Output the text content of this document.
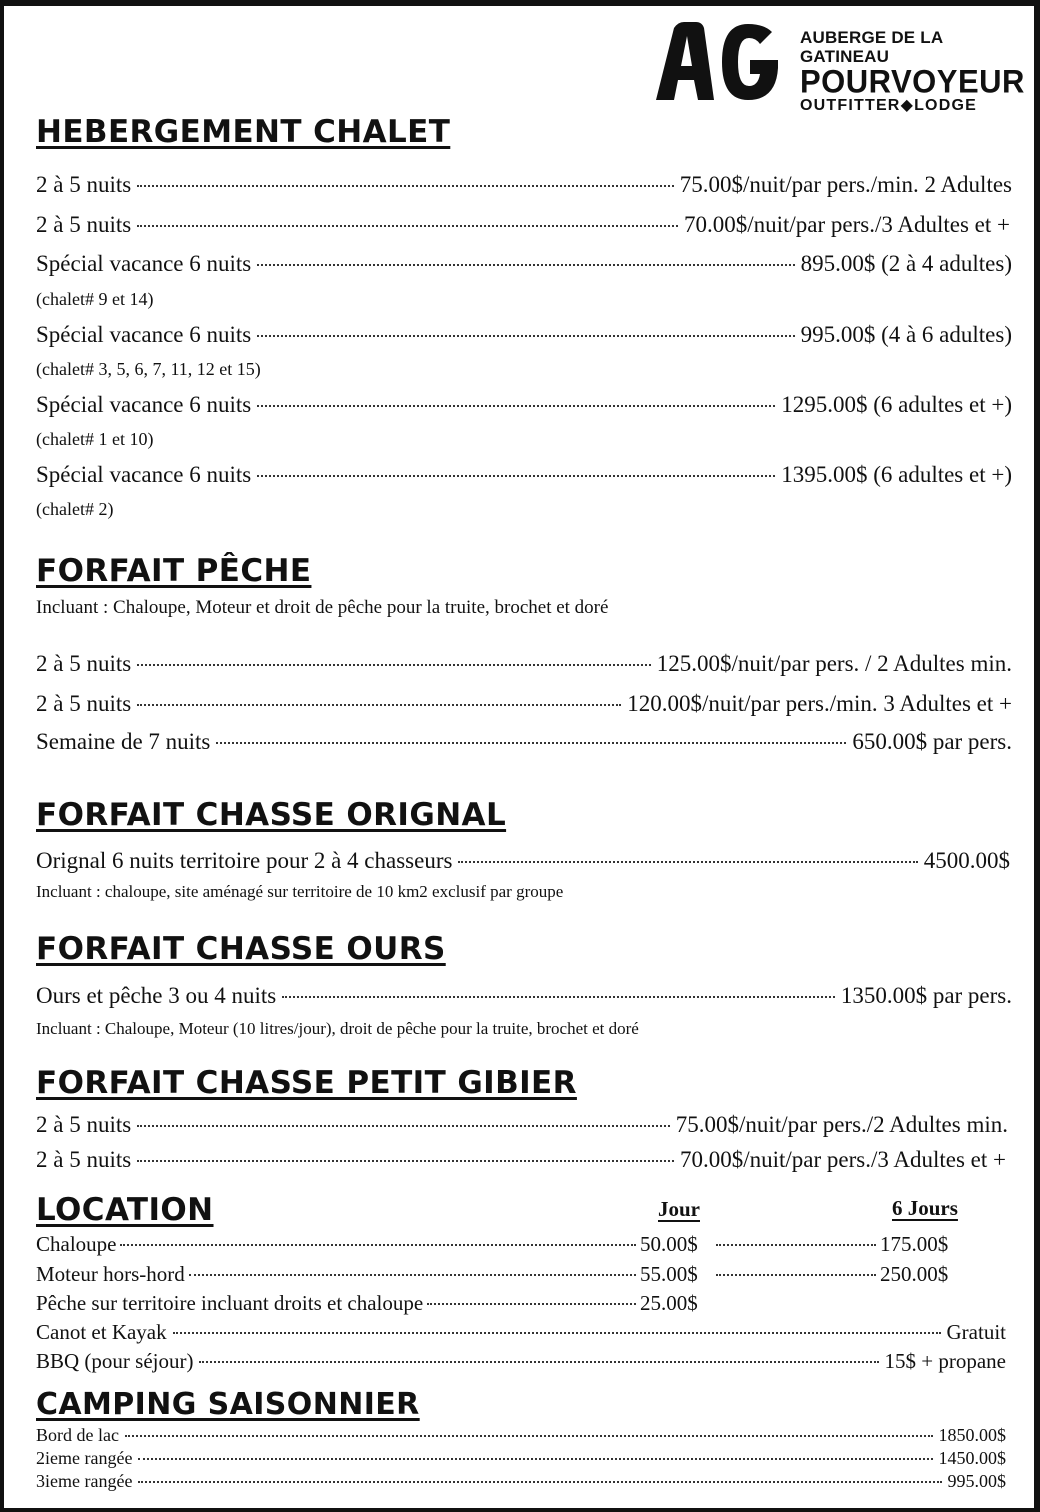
AUBERGE DE LA GATINEAU
POURVOYEUR
OUTFITTER◆LODGE
HEBERGEMENT CHALET
2 à 5 nuits	75.00$/nuit/par pers./min. 2 Adultes
2 à 5 nuits	70.00$/nuit/par pers./3 Adultes et +
Spécial vacance 6 nuits	895.00$ (2 à 4 adultes)
(chalet# 9 et 14)
Spécial vacance 6 nuits	995.00$ (4 à 6 adultes)
(chalet# 3, 5, 6, 7, 11, 12 et 15)
Spécial vacance 6 nuits	1295.00$ (6 adultes et +)
(chalet# 1 et 10)
Spécial vacance 6 nuits	1395.00$ (6 adultes et +)
(chalet# 2)
FORFAIT PÊCHE
Incluant : Chaloupe, Moteur et droit de pêche pour la truite, brochet et doré
2 à 5 nuits	125.00$/nuit/par pers. / 2 Adultes min.
2 à 5 nuits	120.00$/nuit/par pers./min. 3 Adultes et +
Semaine de 7 nuits	650.00$ par pers.
FORFAIT CHASSE ORIGNAL
Orignal 6 nuits territoire pour 2 à 4 chasseurs	4500.00$
Incluant : chaloupe, site aménagé sur territoire de 10 km2 exclusif par groupe
FORFAIT CHASSE OURS
Ours et pêche 3 ou 4 nuits	1350.00$ par pers.
Incluant : Chaloupe, Moteur (10 litres/jour), droit de pêche pour la truite, brochet et doré
FORFAIT CHASSE PETIT GIBIER
2 à 5 nuits	75.00$/nuit/par pers./2 Adultes min.
2 à 5 nuits	70.00$/nuit/par pers./3 Adultes et +
LOCATION	Jour	6 Jours
Chaloupe	50.00$	175.00$
Moteur hors-hord	55.00$	250.00$
Pêche sur territoire incluant droits et chaloupe	25.00$
Canot et Kayak	Gratuit
BBQ (pour séjour)	15$ + propane
CAMPING SAISONNIER
Bord de lac	1850.00$
2ieme rangée	1450.00$
3ieme rangée	995.00$
